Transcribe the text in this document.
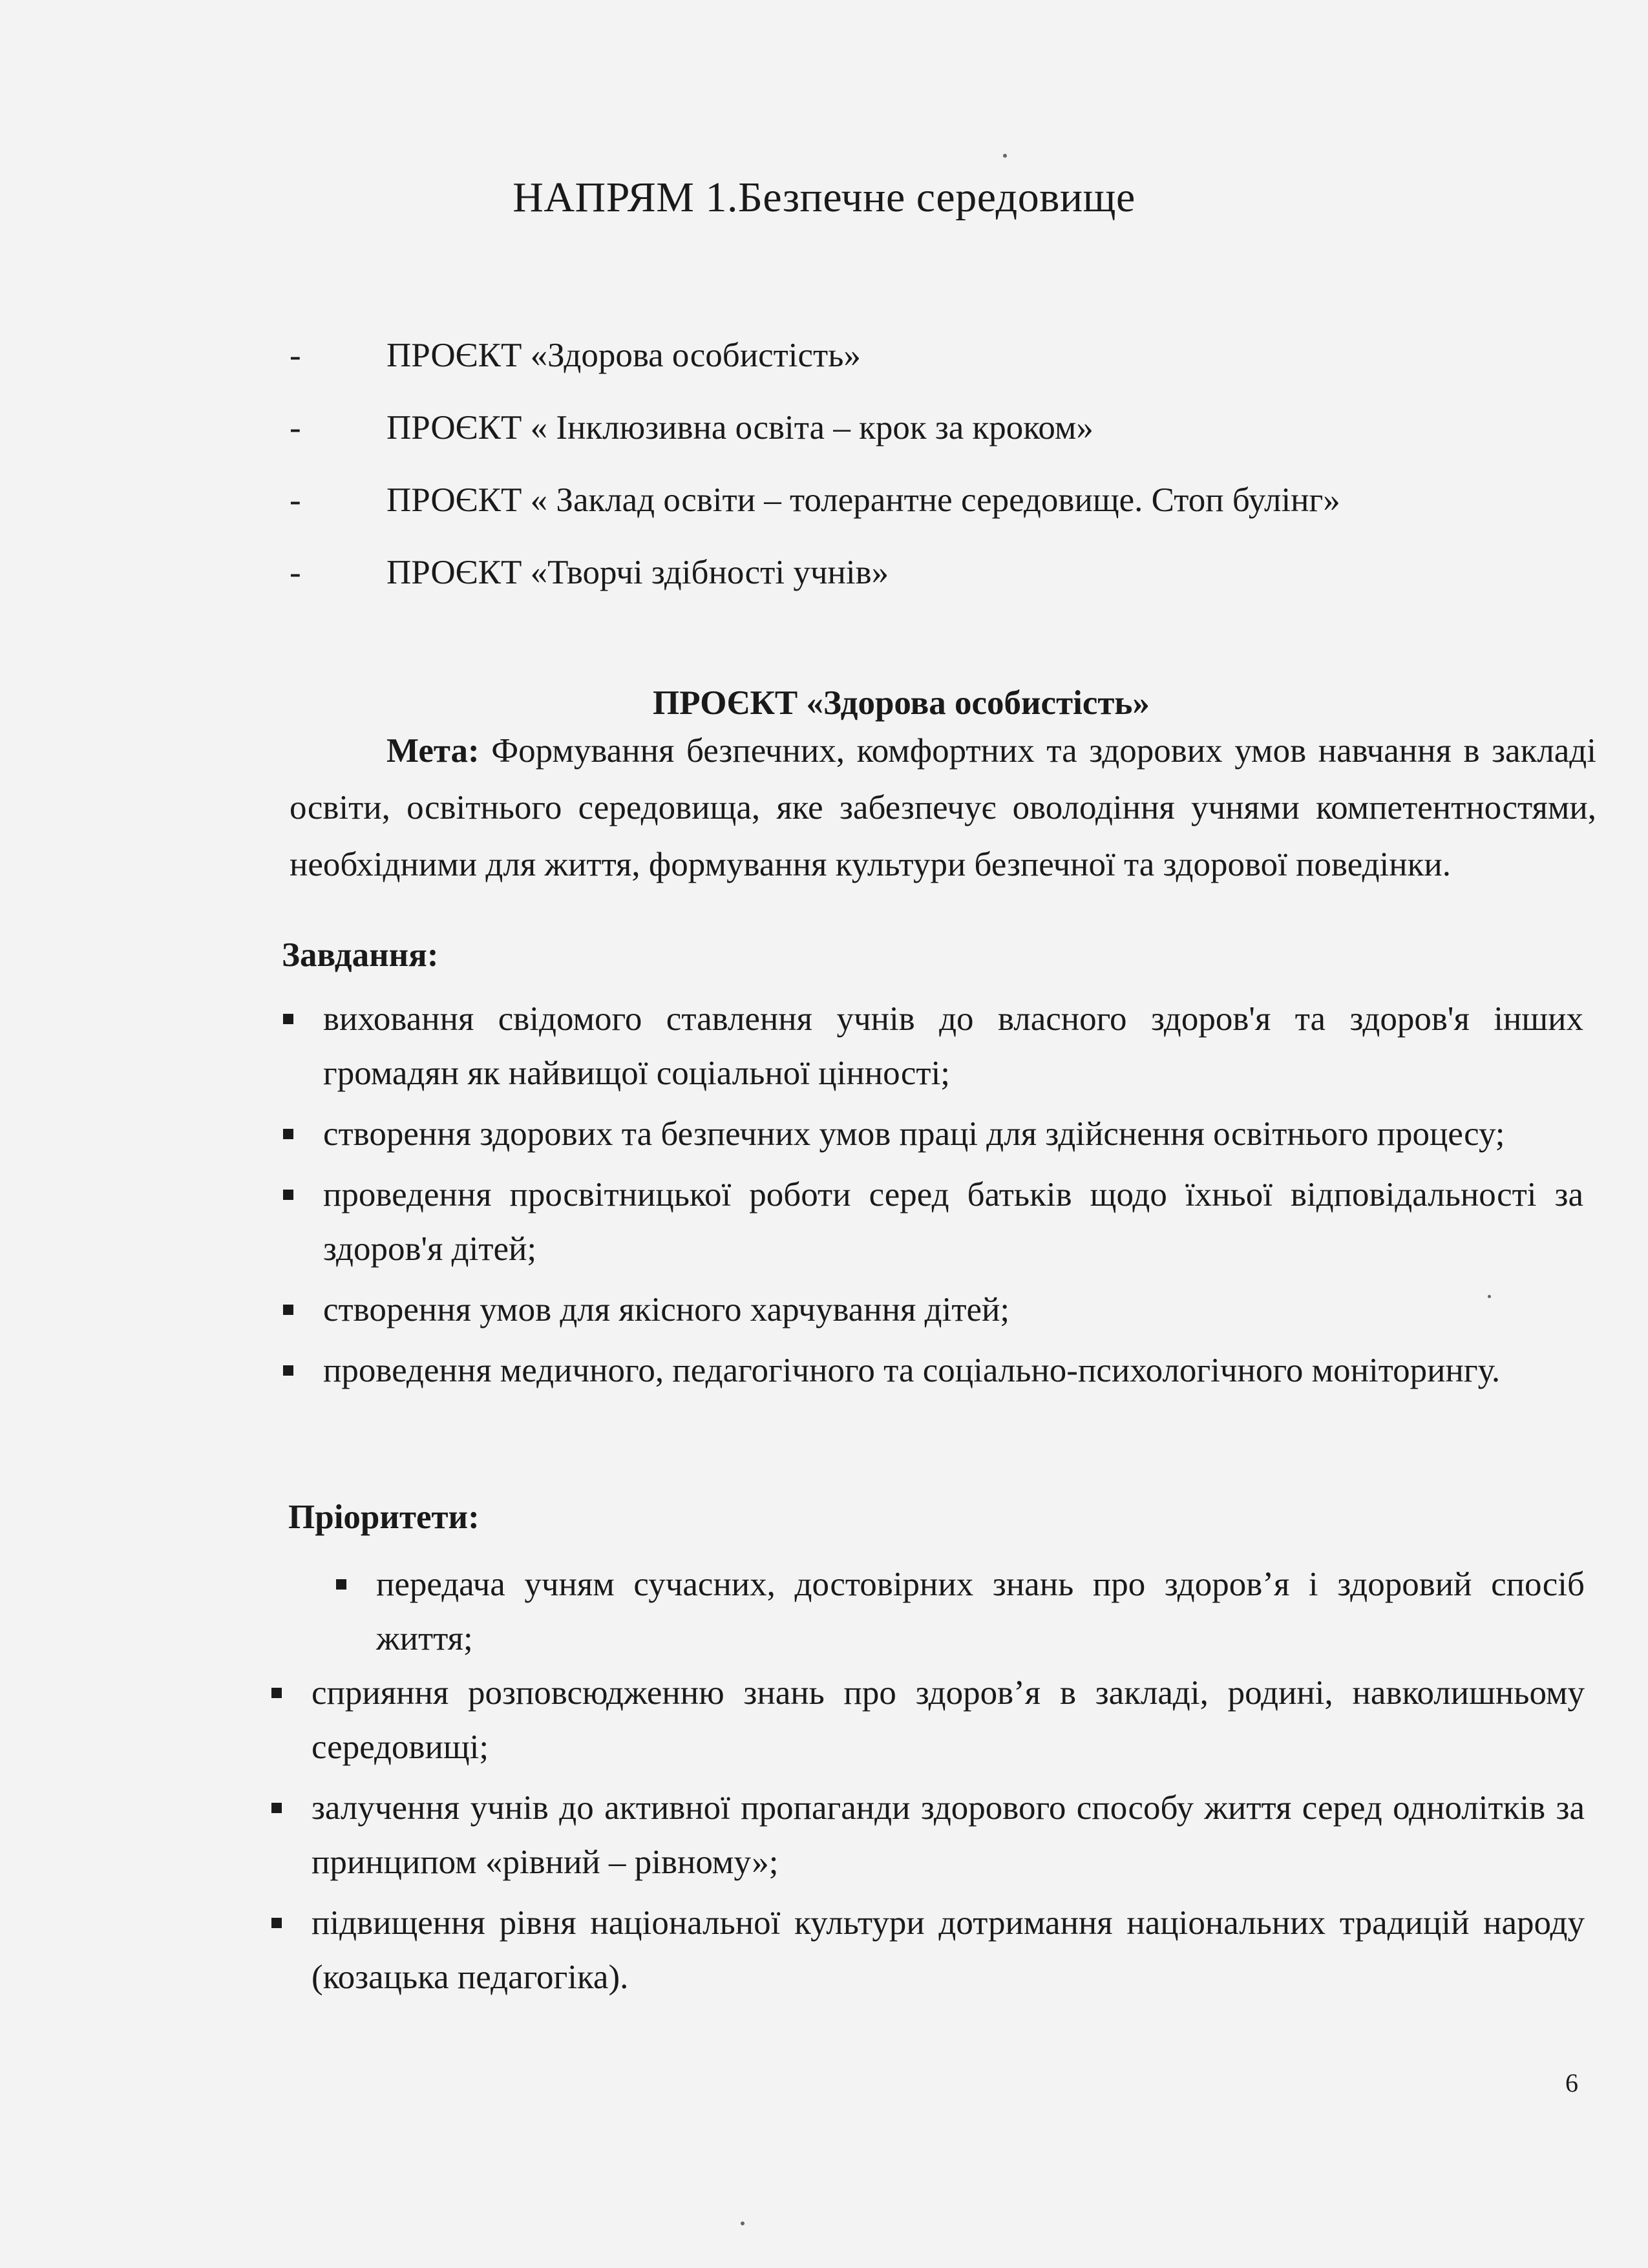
НАПРЯМ 1.Безпечне середовище
-	ПРОЄКТ «Здорова особистість»
-	ПРОЄКТ « Інклюзивна освіта – крок за кроком»
-	ПРОЄКТ « Заклад освіти – толерантне середовище. Стоп булінг»
-	ПРОЄКТ «Творчі здібності учнів»
ПРОЄКТ «Здорова особистість»

Мета: Формування безпечних, комфортних та здорових умов навчання в закладі освіти, освітнього середовища, яке забезпечує оволодіння учнями компетентностями, необхідними для життя, формування культури безпечної та здорової поведінки.

Завдання:
виховання свідомого ставлення учнів до власного здоров'я та здоров'я інших громадян як найвищої соціальної цінності;
створення здорових та безпечних умов праці для здійснення освітнього процесу;
проведення просвітницької роботи серед батьків щодо їхньої відповідальності за здоров'я дітей;
створення умов для якісного харчування дітей;
проведення медичного, педагогічного та соціально-психологічного моніторингу.
Пріоритети:
передача учням сучасних, достовірних знань про здоров’я і здоровий спосіб життя;
сприяння розповсюдженню знань про здоров’я в закладі, родині, навколишньому середовищі;
залучення учнів до активної пропаганди здорового способу життя серед однолітків за принципом «рівний – рівному»;
підвищення рівня національної культури дотримання національних традицій народу (козацька педагогіка).
6
